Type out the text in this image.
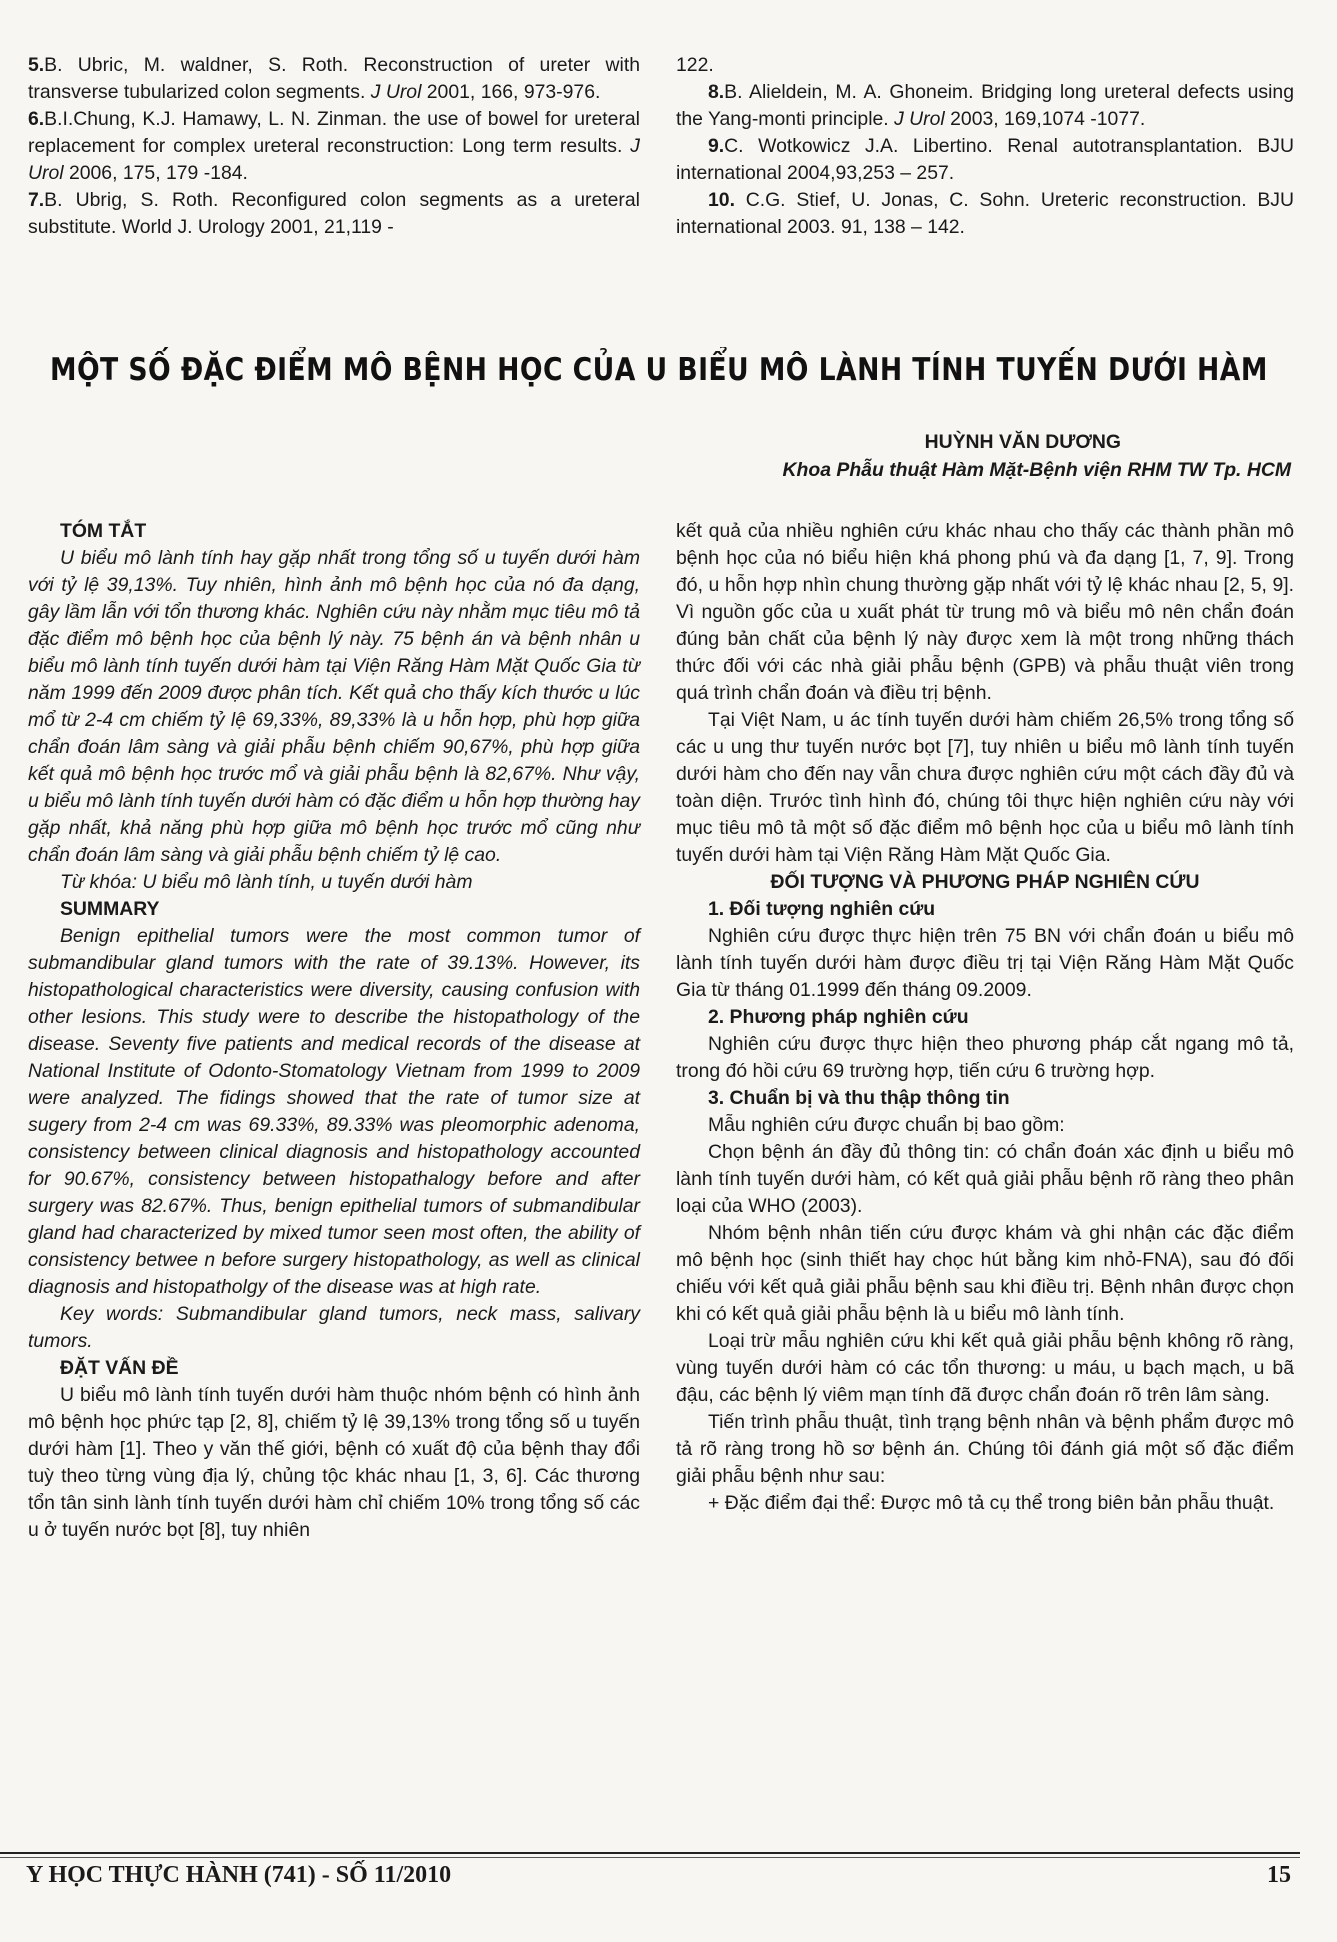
5.B. Ubric, M. waldner, S. Roth. Reconstruction of ureter with transverse tubularized colon segments. J Urol 2001, 166, 973-976.

6.B.I.Chung, K.J. Hamawy, L. N. Zinman. the use of bowel for ureteral replacement for complex ureteral reconstruction: Long term results. J Urol 2006, 175, 179 -184.

7.B. Ubrig, S. Roth. Reconfigured colon segments as a ureteral substitute. World J. Urology 2001, 21,119 -

122.

8.B. Alieldein, M. A. Ghoneim. Bridging long ureteral defects using the Yang-monti principle. J Urol 2003, 169,1074 -1077.

9.C. Wotkowicz J.A. Libertino. Renal autotransplantation. BJU international 2004,93,253 – 257.

10. C.G. Stief, U. Jonas, C. Sohn. Ureteric reconstruction. BJU international 2003. 91, 138 – 142.

MỘT SỐ ĐẶC ĐIỂM MÔ BỆNH HỌC CỦA U BIỂU MÔ LÀNH TÍNH TUYẾN DƯỚI HÀM
HUỲNH VĂN DƯƠNG
Khoa Phẫu thuật Hàm Mặt-Bệnh viện RHM TW Tp. HCM

TÓM TẮT

U biểu mô lành tính hay gặp nhất trong tổng số u tuyến dưới hàm với tỷ lệ 39,13%. Tuy nhiên, hình ảnh mô bệnh học của nó đa dạng, gây lầm lẫn với tổn thương khác. Nghiên cứu này nhằm mục tiêu mô tả đặc điểm mô bệnh học của bệnh lý này. 75 bệnh án và bệnh nhân u biểu mô lành tính tuyến dưới hàm tại Viện Răng Hàm Mặt Quốc Gia từ năm 1999 đến 2009 được phân tích. Kết quả cho thấy kích thước u lúc mổ từ 2-4 cm chiếm tỷ lệ 69,33%, 89,33% là u hỗn hợp, phù hợp giữa chẩn đoán lâm sàng và giải phẫu bệnh chiếm 90,67%, phù hợp giữa kết quả mô bệnh học trước mổ và giải phẫu bệnh là 82,67%. Như vậy, u biểu mô lành tính tuyến dưới hàm có đặc điểm u hỗn hợp thường hay gặp nhất, khả năng phù hợp giữa mô bệnh học trước mổ cũng như chẩn đoán lâm sàng và giải phẫu bệnh chiếm tỷ lệ cao.

Từ khóa: U biểu mô lành tính, u tuyến dưới hàm

SUMMARY

Benign epithelial tumors were the most common tumor of submandibular gland tumors with the rate of 39.13%. However, its histopathological characteristics were diversity, causing confusion with other lesions. This study were to describe the histopathology of the disease. Seventy five patients and medical records of the disease at National Institute of Odonto-Stomatology Vietnam from 1999 to 2009 were analyzed. The fidings showed that the rate of tumor size at sugery from 2-4 cm was 69.33%, 89.33% was pleomorphic adenoma, consistency between clinical diagnosis and histopathology accounted for 90.67%, consistency between histopathalogy before and after surgery was 82.67%. Thus, benign epithelial tumors of submandibular gland had characterized by mixed tumor seen most often, the ability of consistency betwee n before surgery histopathology, as well as clinical diagnosis and histopatholgy of the disease was at high rate.

Key words: Submandibular gland tumors, neck mass, salivary tumors.

ĐẶT VẤN ĐỀ

U biểu mô lành tính tuyến dưới hàm thuộc nhóm bệnh có hình ảnh mô bệnh học phức tạp [2, 8], chiếm tỷ lệ 39,13% trong tổng số u tuyến dưới hàm [1]. Theo y văn thế giới, bệnh có xuất độ của bệnh thay đổi tuỳ theo từng vùng địa lý, chủng tộc khác nhau [1, 3, 6]. Các thương tổn tân sinh lành tính tuyến dưới hàm chỉ chiếm 10% trong tổng số các u ở tuyến nước bọt [8], tuy nhiên

kết quả của nhiều nghiên cứu khác nhau cho thấy các thành phần mô bệnh học của nó biểu hiện khá phong phú và đa dạng [1, 7, 9]. Trong đó, u hỗn hợp nhìn chung thường gặp nhất với tỷ lệ khác nhau [2, 5, 9]. Vì nguồn gốc của u xuất phát từ trung mô và biểu mô nên chẩn đoán đúng bản chất của bệnh lý này được xem là một trong những thách thức đối với các nhà giải phẫu bệnh (GPB) và phẫu thuật viên trong quá trình chẩn đoán và điều trị bệnh.

Tại Việt Nam, u ác tính tuyến dưới hàm chiếm 26,5% trong tổng số các u ung thư tuyến nước bọt [7], tuy nhiên u biểu mô lành tính tuyến dưới hàm cho đến nay vẫn chưa được nghiên cứu một cách đầy đủ và toàn diện. Trước tình hình đó, chúng tôi thực hiện nghiên cứu này với mục tiêu mô tả một số đặc điểm mô bệnh học của u biểu mô lành tính tuyến dưới hàm tại Viện Răng Hàm Mặt Quốc Gia.

ĐỐI TƯỢNG VÀ PHƯƠNG PHÁP NGHIÊN CỨU

1. Đối tượng nghiên cứu

Nghiên cứu được thực hiện trên 75 BN với chẩn đoán u biểu mô lành tính tuyến dưới hàm được điều trị tại Viện Răng Hàm Mặt Quốc Gia từ tháng 01.1999 đến tháng 09.2009.

2. Phương pháp nghiên cứu

Nghiên cứu được thực hiện theo phương pháp cắt ngang mô tả, trong đó hồi cứu 69 trường hợp, tiến cứu 6 trường hợp.

3. Chuẩn bị và thu thập thông tin

Mẫu nghiên cứu được chuẩn bị bao gồm:

Chọn bệnh án đầy đủ thông tin: có chẩn đoán xác định u biểu mô lành tính tuyến dưới hàm, có kết quả giải phẫu bệnh rõ ràng theo phân loại của WHO (2003).

Nhóm bệnh nhân tiến cứu được khám và ghi nhận các đặc điểm mô bệnh học (sinh thiết hay chọc hút bằng kim nhỏ-FNA), sau đó đối chiếu với kết quả giải phẫu bệnh sau khi điều trị. Bệnh nhân được chọn khi có kết quả giải phẫu bệnh là u biểu mô lành tính.

Loại trừ mẫu nghiên cứu khi kết quả giải phẫu bệnh không rõ ràng, vùng tuyến dưới hàm có các tổn thương: u máu, u bạch mạch, u bã đậu, các bệnh lý viêm mạn tính đã được chẩn đoán rõ trên lâm sàng.

Tiến trình phẫu thuật, tình trạng bệnh nhân và bệnh phẩm được mô tả rõ ràng trong hồ sơ bệnh án. Chúng tôi đánh giá một số đặc điểm giải phẫu bệnh như sau:

+ Đặc điểm đại thể: Được mô tả cụ thể trong biên bản phẫu thuật.

Y HỌC THỰC HÀNH (741) - SỐ 11/2010	15
